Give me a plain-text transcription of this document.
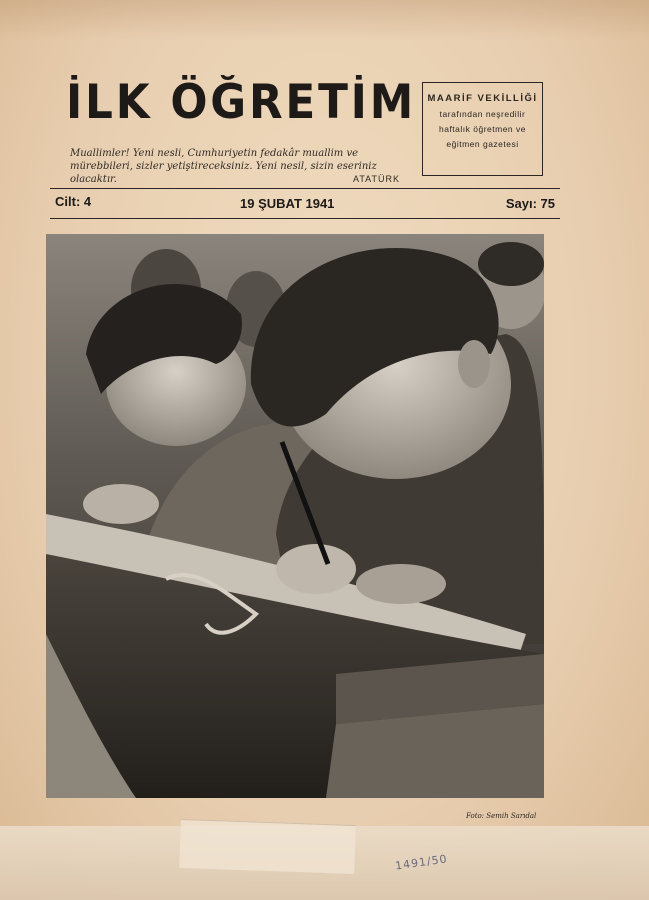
İLK ÖĞRETİM	MAARİF VEKİLLİĞİ
tarafından neşredilir
haftalık öğretmen ve
eğitmen gazetesi
Muallimler! Yeni nesli, Cumhuriyetin fedakâr muallim ve mürebbileri, sizler yetiştireceksiniz. Yeni nesil, sizin eseriniz olacaktır.	ATATÜRK
Cilt: 4	19 ŞUBAT 1941	Sayı: 75
Foto: Semih Sarıdal
1491/50
